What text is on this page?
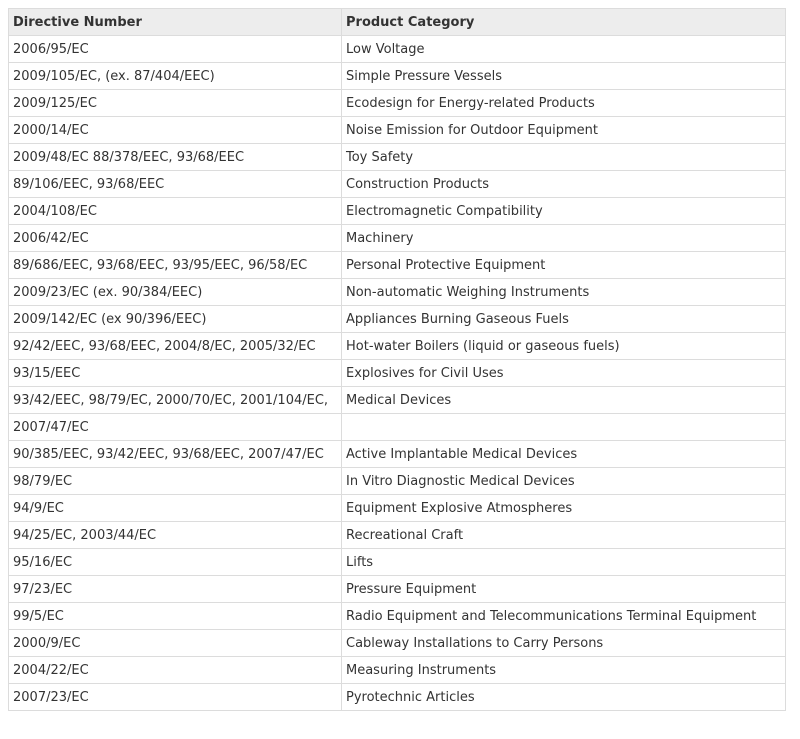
Directive Number	Product Category
2006/95/EC	Low Voltage
2009/105/EC, (ex. 87/404/EEC)	Simple Pressure Vessels
2009/125/EC	Ecodesign for Energy-related Products
2000/14/EC	Noise Emission for Outdoor Equipment
2009/48/EC 88/378/EEC, 93/68/EEC	Toy Safety
89/106/EEC, 93/68/EEC	Construction Products
2004/108/EC	Electromagnetic Compatibility
2006/42/EC	Machinery
89/686/EEC, 93/68/EEC, 93/95/EEC, 96/58/EC	Personal Protective Equipment
2009/23/EC (ex. 90/384/EEC)	Non-automatic Weighing Instruments
2009/142/EC (ex 90/396/EEC)	Appliances Burning Gaseous Fuels
92/42/EEC, 93/68/EEC, 2004/8/EC, 2005/32/EC	Hot-water Boilers (liquid or gaseous fuels)
93/15/EEC	Explosives for Civil Uses
93/42/EEC, 98/79/EC, 2000/70/EC, 2001/104/EC,	Medical Devices
2007/47/EC	
90/385/EEC, 93/42/EEC, 93/68/EEC, 2007/47/EC	Active Implantable Medical Devices
98/79/EC	In Vitro Diagnostic Medical Devices
94/9/EC	Equipment Explosive Atmospheres
94/25/EC, 2003/44/EC	Recreational Craft
95/16/EC	Lifts
97/23/EC	Pressure Equipment
99/5/EC	Radio Equipment and Telecommunications Terminal Equipment
2000/9/EC	Cableway Installations to Carry Persons
2004/22/EC	Measuring Instruments
2007/23/EC	Pyrotechnic Articles
